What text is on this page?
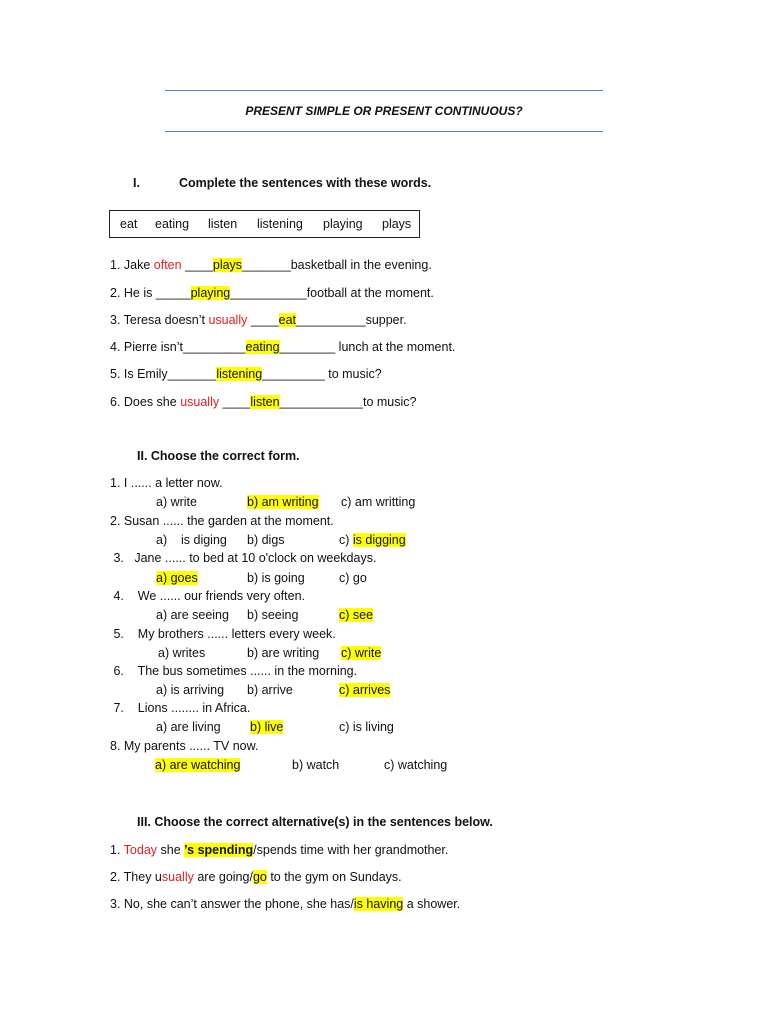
PRESENT SIMPLE OR PRESENT CONTINUOUS?
I.	Complete the sentences with these words.
eat eating listen listening playing plays
1. Jake often ____plays_______basketball in the evening.
2. He is _____playing___________football at the moment.
3. Teresa doesn’t usually ____eat__________supper.
4. Pierre isn’t_________eating________ lunch at the moment.
5. Is Emily_______listening_________ to music?
6. Does she usually ____listen____________to music?
II. Choose the correct form.
1. I ...... a letter now.
a) write	b) am writing c) am writting
2. Susan ...... the garden at the moment.
a)    is diging b) digs	c) is digging
3.   Jane ...... to bed at 10 o'clock on weekdays.
a) goes	b) is going	c) go
4.    We ...... our friends very often.
a) are seeing b) seeing	c) see
5.    My brothers ...... letters every week.
a) writes	b) are writing c) write
6.    The bus sometimes ...... in the morning.
a) is arriving b) arrive	c) arrives
7.    Lions ........ in Africa.
a) are living b) live	c) is living
8. My parents ...... TV now.
a) are watching	b) watch	c) watching
III. Choose the correct alternative(s) in the sentences below.
1. Today she ’s spending/spends time with her grandmother.
2. They usually are going/go to the gym on Sundays.
3. No, she can’t answer the phone, she has/is having a shower.
